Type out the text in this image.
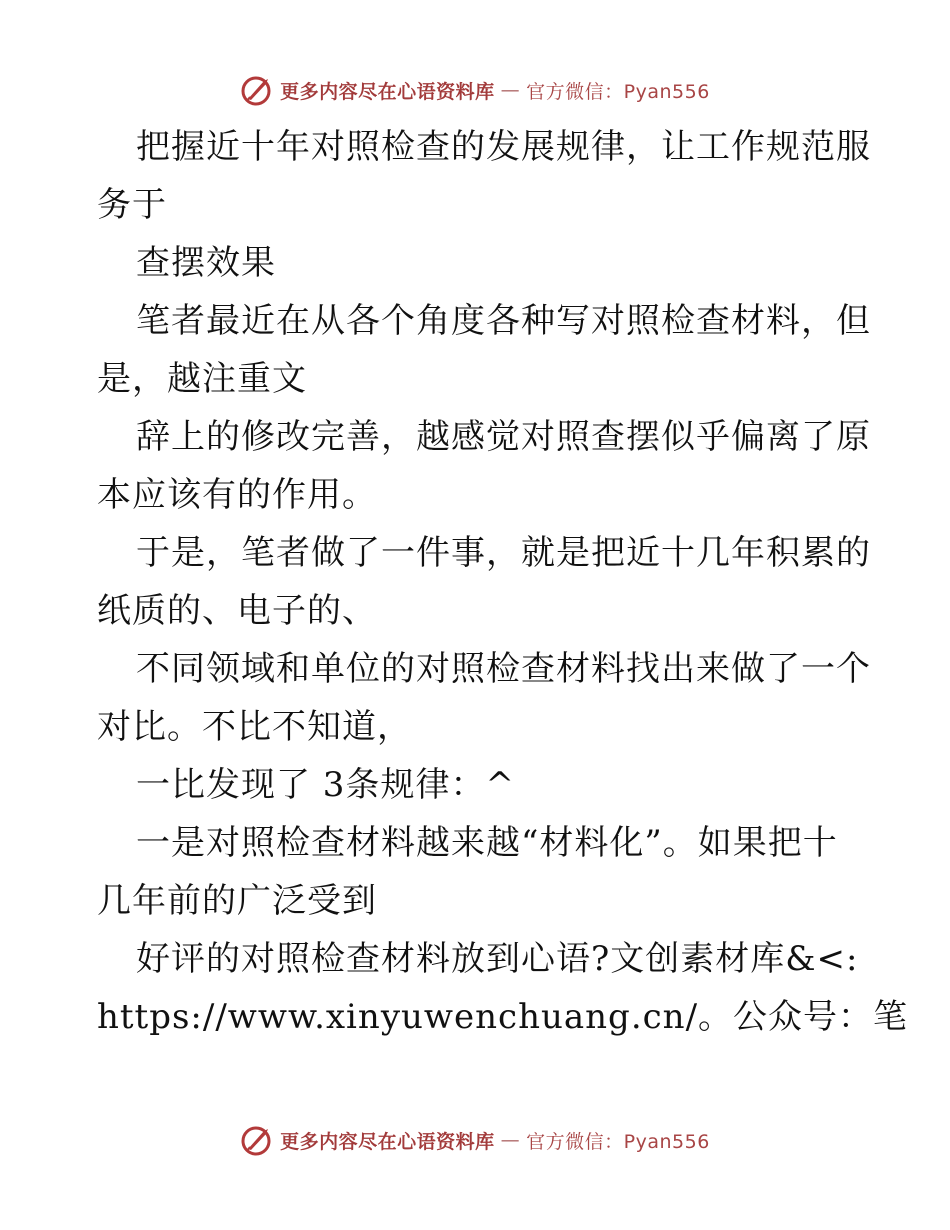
更多内容尽在心语资料库 — 官方微信：Pyan556
把握近十年对照检查的发展规律，让工作规范服
务于
查摆效果
笔者最近在从各个角度各种写对照检查材料，但
是，越注重文
辞上的修改完善，越感觉对照查摆似乎偏离了原
本应该有的作用。
于是，笔者做了一件事，就是把近十几年积累的
纸质的、电子的、
不同领域和单位的对照检查材料找出来做了一个
对比。不比不知道，
一比发现了 3条规律：^
一是对照检查材料越来越“材料化”。如果把十
几年前的广泛受到
好评的对照检查材料放到心语?文创素材库&<:
https://www.xinyuwenchuang.cn/。公众号：笔
更多内容尽在心语资料库 — 官方微信：Pyan556
